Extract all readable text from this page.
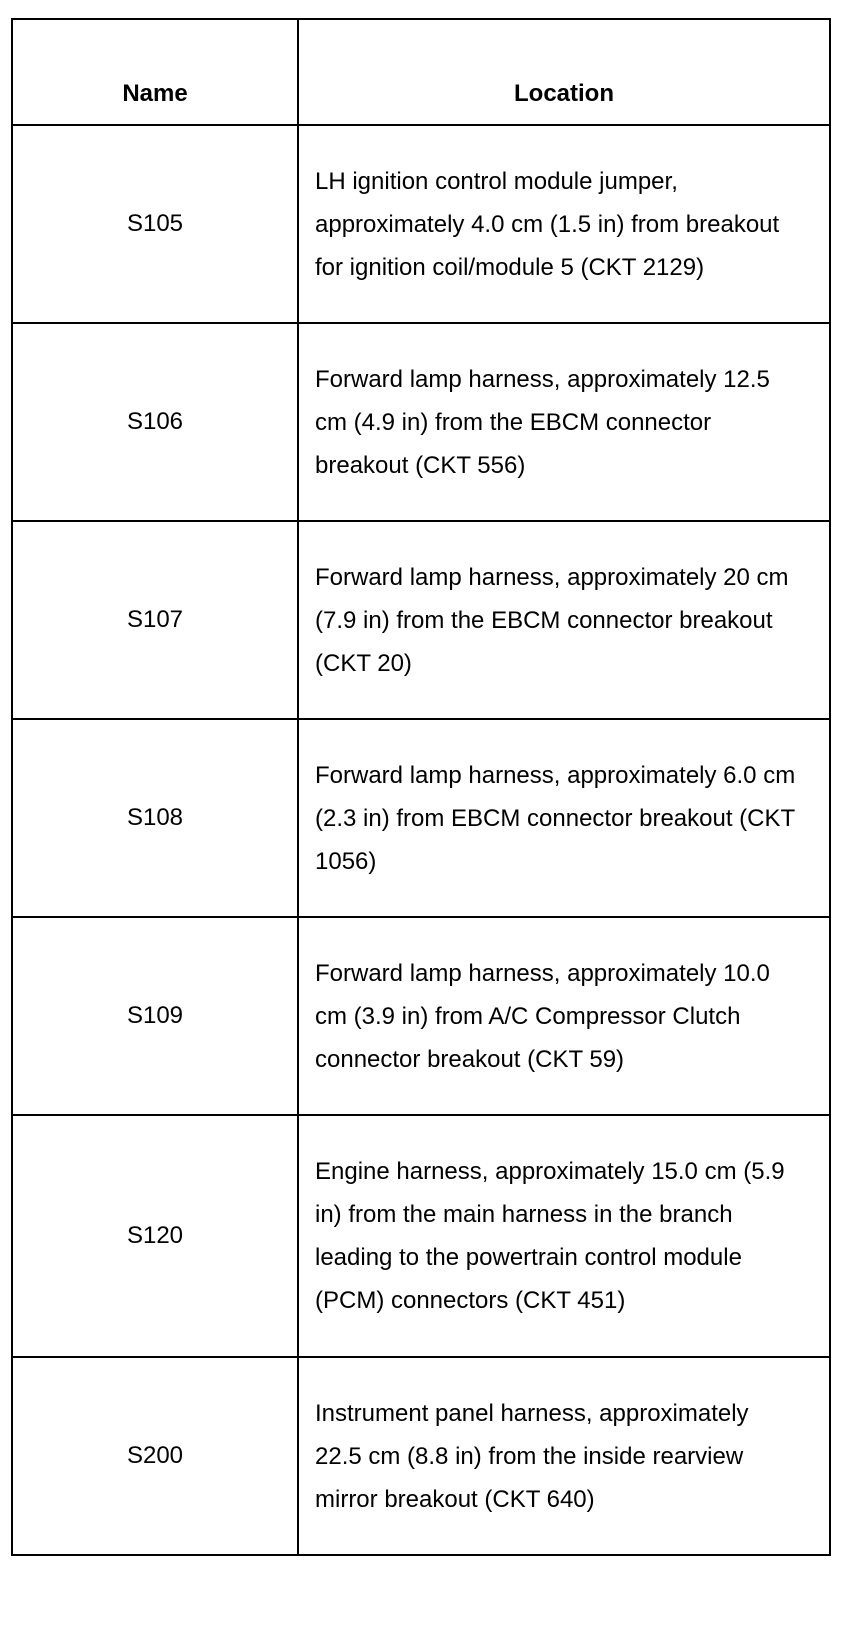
Name	Location
S105	LH ignition control module jumper, approximately 4.0 cm (1.5 in) from breakout for ignition coil/module 5 (CKT 2129)
S106	Forward lamp harness, approximately 12.5 cm (4.9 in) from the EBCM connector breakout (CKT 556)
S107	Forward lamp harness, approximately 20 cm (7.9 in) from the EBCM connector breakout (CKT 20)
S108	Forward lamp harness, approximately 6.0 cm (2.3 in) from EBCM connector breakout (CKT 1056)
S109	Forward lamp harness, approximately 10.0 cm (3.9 in) from A/C Compressor Clutch connector breakout (CKT 59)
S120	Engine harness, approximately 15.0 cm (5.9 in) from the main harness in the branch leading to the powertrain control module (PCM) connectors (CKT 451)
S200	Instrument panel harness, approximately 22.5 cm (8.8 in) from the inside rearview mirror breakout (CKT 640)
